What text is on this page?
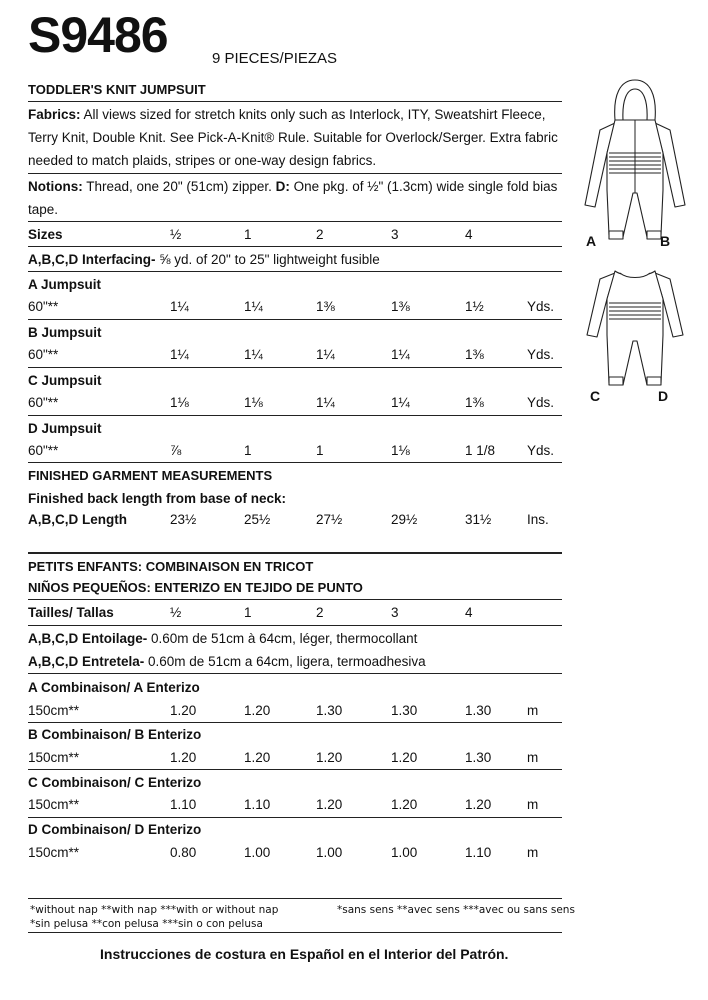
S9486	9 PIECES/PIEZAS
TODDLER'S KNIT JUMPSUIT
Fabrics: All views sized for stretch knits only such as Interlock, ITY, Sweatshirt Fleece,
Terry Knit, Double Knit. See Pick-A-Knit® Rule. Suitable for Overlock/Serger. Extra fabric
needed to match plaids, stripes or one-way design fabrics.
Notions: Thread, one 20" (51cm) zipper. D: One pkg. of ½" (1.3cm) wide single fold bias
tape.
Sizes	½	1	2	3	4
A,B,C,D Interfacing- ⅝ yd. of 20" to 25" lightweight fusible
A Jumpsuit
60"**	1¼	1¼	1⅜	1⅜	1½	Yds.
B Jumpsuit
60"**	1¼	1¼	1¼	1¼	1⅜	Yds.
C Jumpsuit
60"**	1⅛	1⅛	1¼	1¼	1⅜	Yds.
D Jumpsuit
60"**	⅞	1	1	1⅛	1 1/8 Yds.
FINISHED GARMENT MEASUREMENTS
Finished back length from base of neck:
A,B,C,D Length	23½	25½	27½	29½	31½	Ins.
PETITS ENFANTS: COMBINAISON EN TRICOT
NIÑOS PEQUEÑOS: ENTERIZO EN TEJIDO DE PUNTO
Tailles/ Tallas	½	1	2	3	4
A,B,C,D Entoilage- 0.60m de 51cm à 64cm, léger, thermocollant
A,B,C,D Entretela- 0.60m de 51cm a 64cm, ligera, termoadhesiva
A Combinaison/ A Enterizo
150cm**	1.20	1.20	1.30	1.30	1.30	m
B Combinaison/ B Enterizo
150cm**	1.20	1.20	1.20	1.20	1.30	m
C Combinaison/ C Enterizo
150cm**	1.10	1.10	1.20	1.20	1.20	m
D Combinaison/ D Enterizo
150cm**	0.80	1.00	1.00	1.00	1.10	m
*without nap **with nap ***with or without nap
*sin pelusa **con pelusa ***sin o con pelusa
*sans sens **avec sens ***avec ou sans sens
Instrucciones de costura en Español en el Interior del Patrón.
A	B
C	D
